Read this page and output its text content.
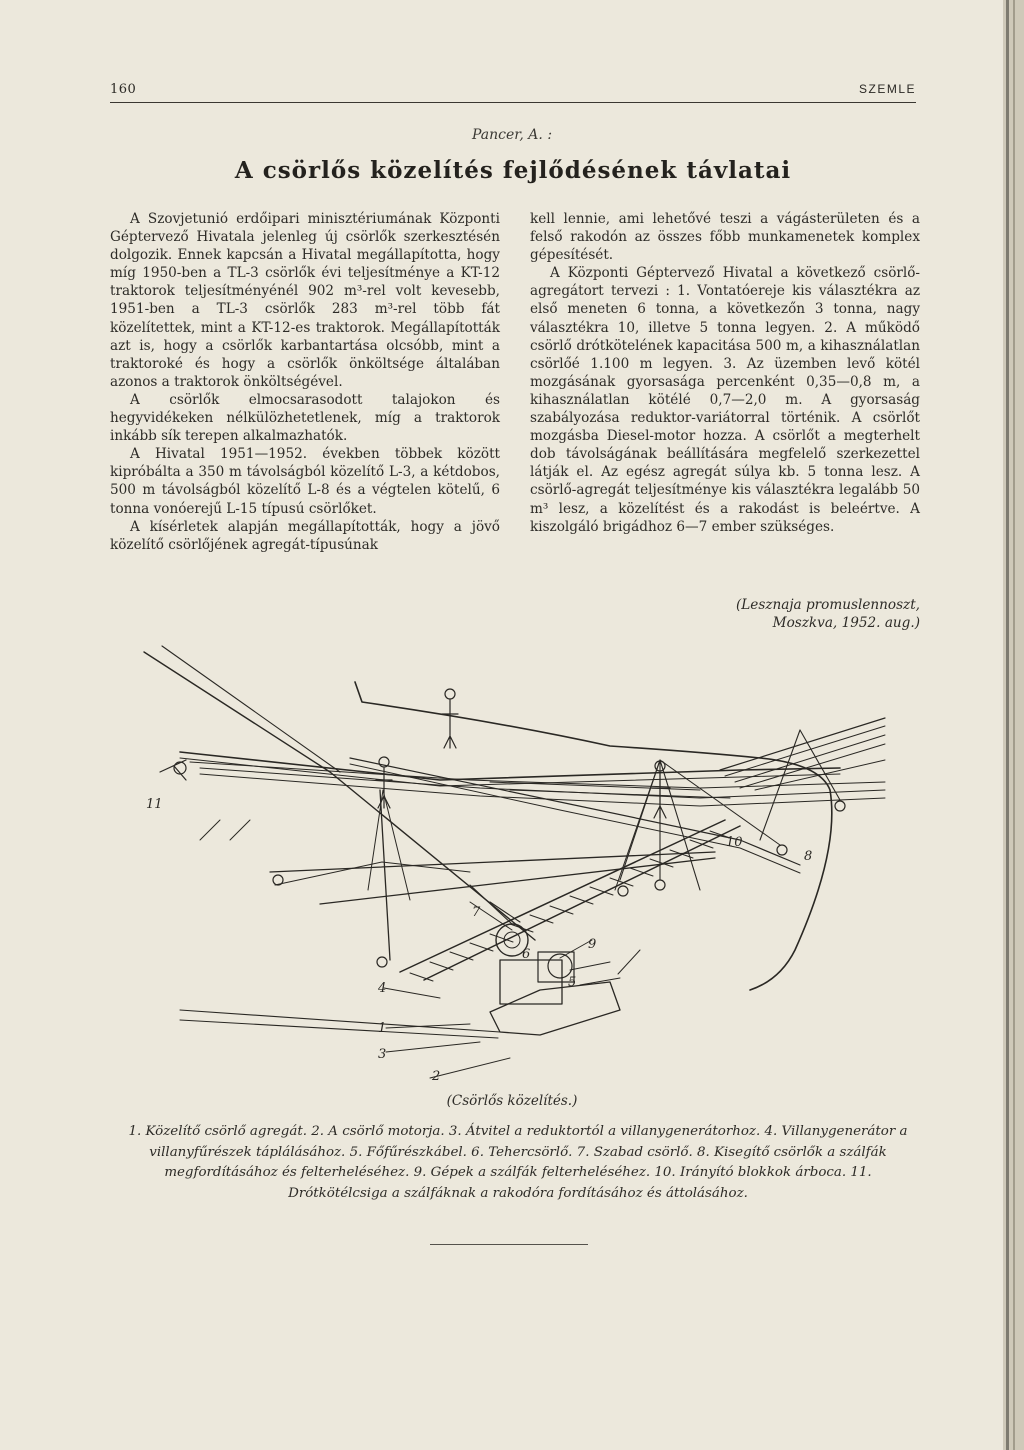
160	SZEMLE
Pancer, A. :
A csörlős közelítés fejlődésének távlatai

A Szovjetunió erdőipari minisztériumának Központi Géptervező Hivatala jelenleg új csörlők szerkesztésén dolgozik. Ennek kapcsán a Hivatal megállapította, hogy míg 1950-ben a TL-3 csörlők évi teljesítménye a KT-12 traktorok teljesítményénél 902 m³-rel volt kevesebb, 1951-ben a TL-3 csörlők 283 m³-rel több fát közelítettek, mint a KT-12-es traktorok. Megállapították azt is, hogy a csörlők karbantartása olcsóbb, mint a traktoroké és hogy a csörlők önköltsége általában azonos a traktorok önköltségével.

A csörlők elmocsarasodott talajokon és hegyvidékeken nélkülözhetetlenek, míg a traktorok inkább sík terepen alkalmazhatók.

A Hivatal 1951—1952. években többek között kipróbálta a 350 m távolságból közelítő L-3, a kétdobos, 500 m távolságból közelítő L-8 és a végtelen kötelű, 6 tonna vonóerejű L-15 típusú csörlőket.

A kísérletek alapján megállapították, hogy a jövő közelítő csörlőjének agregát-típusúnak

kell lennie, ami lehetővé teszi a vágásterületen és a felső rakodón az összes főbb munkamenetek komplex gépesítését.

A Központi Géptervező Hivatal a következő csörlő-agregátort tervezi : 1. Vontatóereje kis választékra az első meneten 6 tonna, a következőn 3 tonna, nagy választékra 10, illetve 5 tonna legyen. 2. A működő csörlő drótkötelének kapacitása 500 m, a kihasználatlan csörlőé 1.100 m legyen. 3. Az üzemben levő kötél mozgásának gyorsasága percenként 0,35—0,8 m, a kihasználatlan kötélé 0,7—2,0 m. A gyorsaság szabályozása reduktor-variátorral történik. A csörlőt mozgásba Diesel-motor hozza. A csörlőt a megterhelt dob távolságának beállítására megfelelő szerkezettel látják el. Az egész agregát súlya kb. 5 tonna lesz. A csörlő-agregát teljesítménye kis választékra legalább 50 m³ lesz, a közelítést és a rakodást is beleértve. A kiszolgáló brigádhoz 6—7 ember szükséges.

(Lesznaja promuslennoszt,
Moszkva, 1952. aug.)
11
7
6
9
5
4
1
3
2
10
8
(Csörlős közelítés.)
1. Közelítő csörlő agregát. 2. A csörlő motorja. 3. Átvitel a reduktortól a villanygenerátorhoz. 4. Villanygenerátor a villanyfűrészek táplálásához. 5. Főfűrészkábel. 6. Tehercsörlő. 7. Szabad csörlő. 8. Kisegítő csörlők a szálfák megfordításához és felterheléséhez. 9. Gépek a szálfák felterheléséhez. 10. Irányító blokkok árboca. 11. Drótkötélcsiga a szálfáknak a rakodóra fordításához és áttolásához.
